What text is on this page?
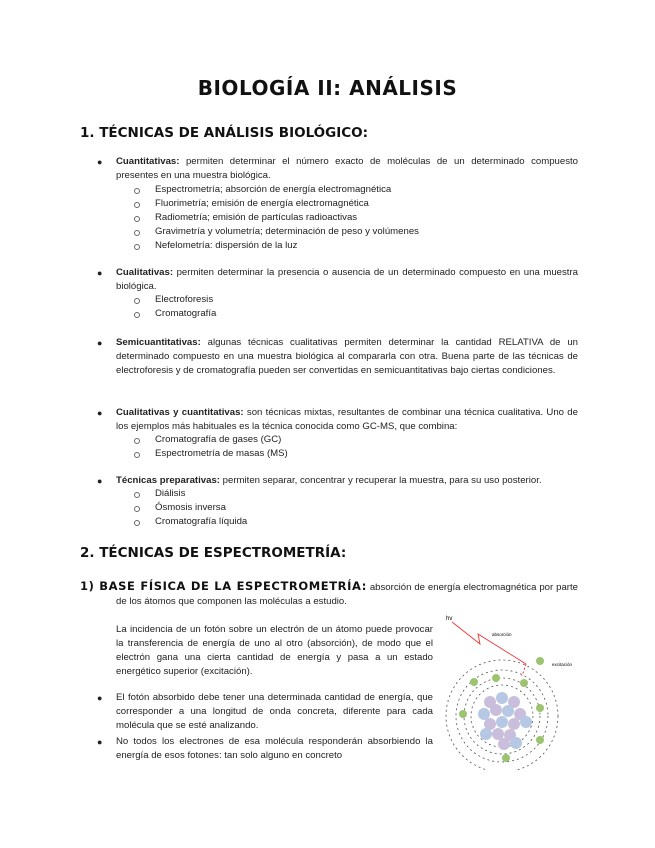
BIOLOGÍA II: ANÁLISIS
1. TÉCNICAS DE ANÁLISIS BIOLÓGICO:
● Cuantitativas: permiten determinar el número exacto de moléculas de un determinado compuesto presentes en una muestra biológica.
Espectrometría; absorción de energía electromagnética
Fluorimetría; emisión de energía electromagnética
Radiometría; emisión de partículas radioactivas
Gravimetría y volumetría; determinación de peso y volúmenes
Nefelometría: dispersión de la luz
● Cualitativas: permiten determinar la presencia o ausencia de un determinado compuesto en una muestra biológica.
Electroforesis
Cromatografía
● Semicuantitativas: algunas técnicas cualitativas permiten determinar la cantidad RELATIVA de un determinado compuesto en una muestra biológica al compararla con otra. Buena parte de las técnicas de electroforesis y de cromatografía pueden ser convertidas en semicuantitativas bajo ciertas condiciones.
● Cualitativas y cuantitativas: son técnicas mixtas, resultantes de combinar una técnica cualitativa. Uno de los ejemplos más habituales es la técnica conocida como GC-MS, que combina:
Cromatografía de gases (GC)
Espectrometría de masas (MS)
● Técnicas preparativas: permiten separar, concentrar y recuperar la muestra, para su uso posterior.
Diálisis
Ósmosis inversa
Cromatografía líquida
2. TÉCNICAS DE ESPECTROMETRÍA:
1) BASE FÍSICA DE LA ESPECTROMETRÍA: absorción de energía electromagnética por parte de los átomos que componen las moléculas a estudio.
La incidencia de un fotón sobre un electrón de un átomo puede provocar la transferencia de energía de uno al otro (absorción), de modo que el electrón gana una cierta cantidad de energía y pasa a un estado energético superior (excitación).
● El fotón absorbido debe tener una determinada cantidad de energía, que corresponder a una longitud de onda concreta, diferente para cada molécula que se esté analizando.
● No todos los electrones de esa molécula responderán absorbiendo la energía de esos fotones: tan solo alguno en concreto
hv
absorción
excitación
